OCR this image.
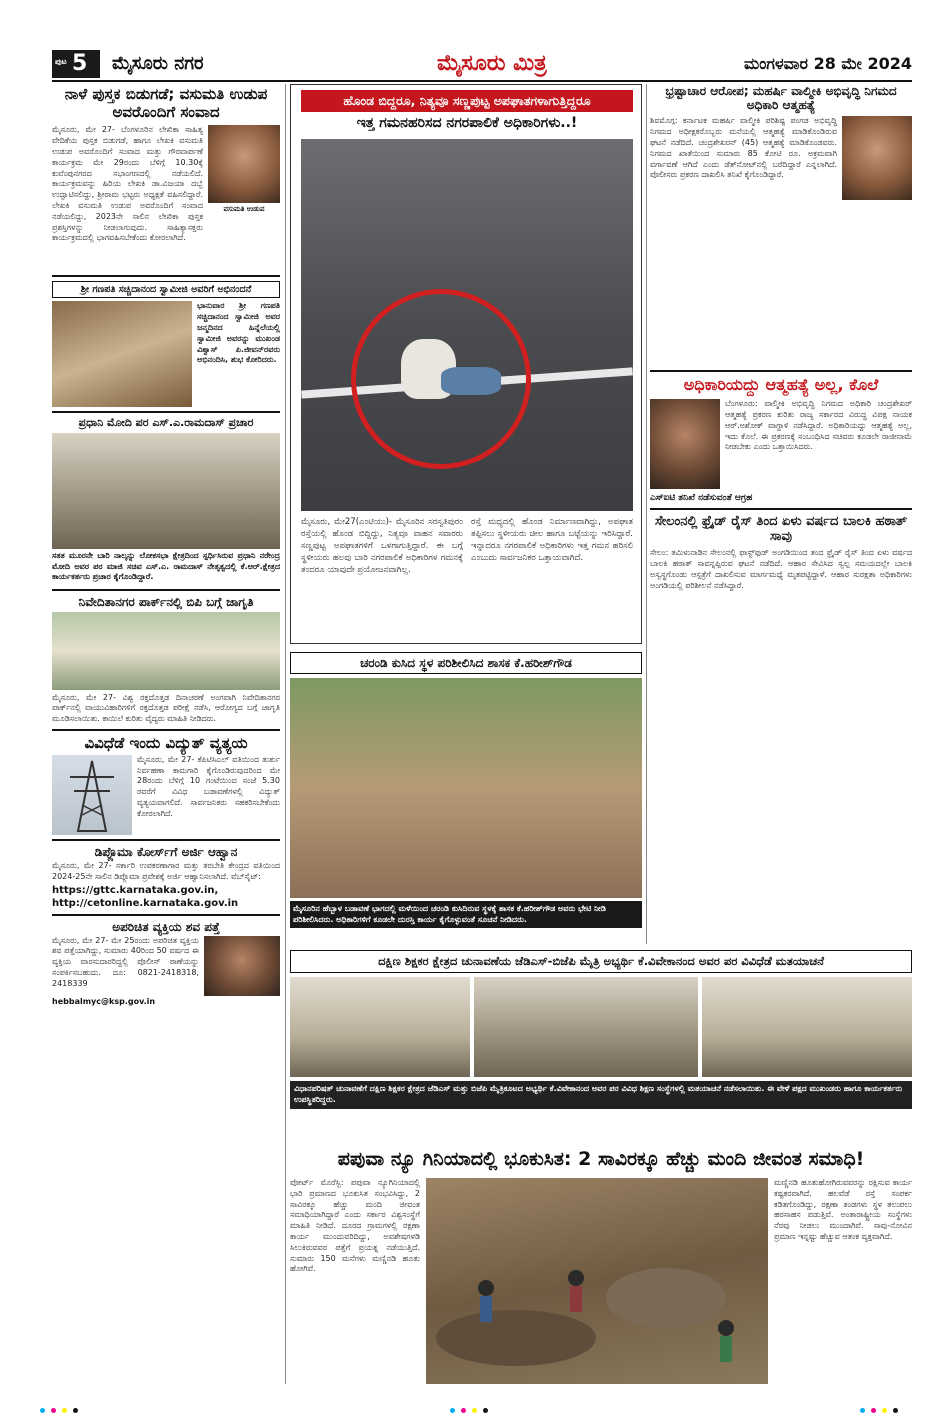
ಪುಟ 5 ಮೈಸೂರು ನಗರ	ಮೈಸೂರು ಮಿತ್ರ	ಮಂಗಳವಾರ 28 ಮೇ 2024
ನಾಳೆ ಪುಸ್ತಕ ಬಿಡುಗಡೆ; ವಸುಮತಿ ಉಡುಪ ಅವರೊಂದಿಗೆ ಸಂವಾದ
ಮೈಸೂರು, ಮೇ 27- ಬೆಂಗಳೂರಿನ ಲೇಖಿಕಾ ಸಾಹಿತ್ಯ ವೇದಿಕೆಯ ಪುಸ್ತಕ ಬಿಡುಗಡೆ, ಹಾಗೂ ಲೇಖಕಿ ವಸುಮತಿ ಉಡುಪ ಅವರೊಂದಿಗೆ ಸಂವಾದ ಮತ್ತು ಗೌರವಾರ್ಪಣೆ ಕಾರ್ಯಕ್ರಮ ಮೇ 29ರಂದು ಬೆಳಿಗ್ಗೆ 10.30ಕ್ಕೆ ಕುವೆಂಪುನಗರದ ಸಭಾಂಗಣದಲ್ಲಿ ನಡೆಯಲಿದೆ. ಕಾರ್ಯಕ್ರಮವನ್ನು ಹಿರಿಯ ಲೇಖಕಿ ಡಾ.ವಿಜಯಾ ದಬ್ಬೆ ಉದ್ಘಾಟಿಸಲಿದ್ದು, ಶ್ರೀರಾಮ ಭಟ್ಟರು ಅಧ್ಯಕ್ಷತೆ ವಹಿಸಲಿದ್ದಾರೆ. ಲೇಖಕಿ ವಸುಮತಿ ಉಡುಪ ಅವರೊಂದಿಗೆ ಸಂವಾದ ನಡೆಯಲಿದ್ದು, 2023ನೇ ಸಾಲಿನ ಲೇಖಿಕಾ ಪುಸ್ತಕ ಪ್ರಶಸ್ತಿಗಳನ್ನು ನೀಡಲಾಗುವುದು. ಸಾಹಿತ್ಯಾಸಕ್ತರು ಕಾರ್ಯಕ್ರಮದಲ್ಲಿ ಭಾಗವಹಿಸಬೇಕೆಂದು ಕೋರಲಾಗಿದೆ.
ವಸುಮತಿ ಉಡುಪ
ಶ್ರೀ ಗಣಪತಿ ಸಚ್ಚಿದಾನಂದ ಸ್ವಾಮೀಜಿ ಅವರಿಗೆ ಅಭಿನಂದನೆ
ಭಾನುವಾರ ಶ್ರೀ ಗಣಪತಿ ಸಚ್ಚಿದಾನಂದ ಸ್ವಾಮೀಜಿ ಅವರ ಜನ್ಮದಿನದ ಹಿನ್ನೆಲೆಯಲ್ಲಿ ಸ್ವಾಮೀಜಿ ಅವರನ್ನು ಮುಖಂಡ ವಿಶ್ವಾಸ್ ಪಿ.ಜೀವನ್‌ರವರು ಅಭಿನಂದಿಸಿ, ಶುಭ ಕೋರಿದರು.
ಪ್ರಧಾನಿ ಮೋದಿ ಪರ ಎಸ್.ಎ.ರಾಮದಾಸ್ ಪ್ರಚಾರ
ಸತತ ಮೂರನೇ ಬಾರಿ ನಾಲ್ಕನ್ನು ಲೋಕಸಭಾ ಕ್ಷೇತ್ರದಿಂದ ಸ್ಪರ್ಧಿಸಿರುವ ಪ್ರಧಾನಿ ನರೇಂದ್ರ ಮೋದಿ ಅವರ ಪರ ಮಾಜಿ ಸಚಿವ ಎಸ್.ಎ. ರಾಮದಾಸ್ ನೇತೃತ್ವದಲ್ಲಿ ಕೆ.ಆರ್.ಕ್ಷೇತ್ರದ ಕಾರ್ಯಕರ್ತರು ಪ್ರಚಾರ ಕೈಗೊಂಡಿದ್ದಾರೆ.
ನಿವೇದಿತಾನಗರ ಪಾರ್ಕ್‌ನಲ್ಲಿ ಬಿಪಿ ಬಗ್ಗೆ ಜಾಗೃತಿ
ಮೈಸೂರು, ಮೇ 27- ವಿಶ್ವ ರಕ್ತದೊತ್ತಡ ದಿನಾಚರಣೆ ಅಂಗವಾಗಿ ನಿವೇದಿತಾನಗರ ಪಾರ್ಕ್‌ನಲ್ಲಿ ವಾಯುವಿಹಾರಿಗಳಿಗೆ ರಕ್ತದೊತ್ತಡ ಪರೀಕ್ಷೆ ನಡೆಸಿ, ಆರೋಗ್ಯದ ಬಗ್ಗೆ ಜಾಗೃತಿ ಮೂಡಿಸಲಾಯಿತು. ಕಾಯಿಲೆ ಕುರಿತು ವೈದ್ಯರು ಮಾಹಿತಿ ನೀಡಿದರು.
ವಿವಿಧೆಡೆ ಇಂದು ವಿದ್ಯುತ್ ವ್ಯತ್ಯಯ
ಮೈಸೂರು, ಮೇ 27- ಕೆಪಿಟಿಸಿಎಲ್ ವತಿಯಿಂದ ತುರ್ತು ನಿರ್ವಹಣಾ ಕಾಮಗಾರಿ ಕೈಗೊಂಡಿರುವುದರಿಂದ ಮೇ 28ರಂದು ಬೆಳಿಗ್ಗೆ 10 ಗಂಟೆಯಿಂದ ಸಂಜೆ 5.30 ರವರೆಗೆ ವಿವಿಧ ಬಡಾವಣೆಗಳಲ್ಲಿ ವಿದ್ಯುತ್ ವ್ಯತ್ಯಯವಾಗಲಿದೆ. ಸಾರ್ವಜನಿಕರು ಸಹಕರಿಸಬೇಕೆಂದು ಕೋರಲಾಗಿದೆ.
ಡಿಪ್ಲೊಮಾ ಕೋರ್ಸ್‌ಗೆ ಅರ್ಜಿ ಆಹ್ವಾನ
ಮೈಸೂರು, ಮೇ 27- ಸರ್ಕಾರಿ ಉಪಕರಣಾಗಾರ ಮತ್ತು ತರಬೇತಿ ಕೇಂದ್ರದ ವತಿಯಿಂದ 2024-25ನೇ ಸಾಲಿನ ಡಿಪ್ಲೊಮಾ ಪ್ರವೇಶಕ್ಕೆ ಅರ್ಜಿ ಆಹ್ವಾನಿಸಲಾಗಿದೆ. ವೆಬ್‌ಸೈಟ್:
https://gttc.karnataka.gov.in, http://cetonline.karnataka.gov.in
ಅಪರಿಚಿತ ವ್ಯಕ್ತಿಯ ಶವ ಪತ್ತೆ
ಮೈಸೂರು, ಮೇ 27- ಮೇ 25ರಂದು ಅಪರಿಚಿತ ವ್ಯಕ್ತಿಯ ಶವ ಪತ್ತೆಯಾಗಿದ್ದು, ಸುಮಾರು 40ರಿಂದ 50 ವರ್ಷದ ಈ ವ್ಯಕ್ತಿಯ ವಾರಸುದಾರರಿದ್ದಲ್ಲಿ ಪೊಲೀಸ್ ಠಾಣೆಯನ್ನು ಸಂಪರ್ಕಿಸಬಹುದು. ದೂ: 0821-2418318, 2418339
hebbalmyc@ksp.gov.in
ಹೊಂಡ ಬಿದ್ದರೂ, ನಿತ್ಯವೂ ಸಣ್ಣಪುಟ್ಟ ಅಪಘಾತಗಳಾಗುತ್ತಿದ್ದರೂ
ಇತ್ತ ಗಮನಹರಿಸದ ನಗರಪಾಲಿಕೆ ಅಧಿಕಾರಿಗಳು..!
ಮೈಸೂರು, ಮೇ27(ಎಂಟಿಯು)- ಮೈಸೂರಿನ ಸರಸ್ವತಿಪುರಂ ರಸ್ತೆಯಲ್ಲಿ ಹೊಂಡ ಬಿದ್ದಿದ್ದು, ನಿತ್ಯವೂ ವಾಹನ ಸವಾರರು ಸಣ್ಣಪುಟ್ಟ ಅಪಘಾತಗಳಿಗೆ ಒಳಗಾಗುತ್ತಿದ್ದಾರೆ. ಈ ಬಗ್ಗೆ ಸ್ಥಳೀಯರು ಹಲವು ಬಾರಿ ನಗರಪಾಲಿಕೆ ಅಧಿಕಾರಿಗಳ ಗಮನಕ್ಕೆ ತಂದರೂ ಯಾವುದೇ ಪ್ರಯೋಜನವಾಗಿಲ್ಲ.
ರಸ್ತೆ ಮಧ್ಯದಲ್ಲಿ ಹೊಂಡ ನಿರ್ಮಾಣವಾಗಿದ್ದು, ಅಪಘಾತ ತಪ್ಪಿಸಲು ಸ್ಥಳೀಯರು ಚೀಲ ಹಾಗೂ ಬಟ್ಟೆಯನ್ನು ಇರಿಸಿದ್ದಾರೆ. ಇನ್ನಾದರೂ ನಗರಪಾಲಿಕೆ ಅಧಿಕಾರಿಗಳು ಇತ್ತ ಗಮನ ಹರಿಸಲಿ ಎಂಬುದು ಸಾರ್ವಜನಿಕರ ಒತ್ತಾಯವಾಗಿದೆ.
ಚರಂಡಿ ಕುಸಿದ ಸ್ಥಳ ಪರಿಶೀಲಿಸಿದ ಶಾಸಕ ಕೆ.ಹರೀಶ್‌ಗೌಡ
ಮೈಸೂರಿನ ಹೆಬ್ಬಾಳ ಬಡಾವಣೆ ಭಾಗದಲ್ಲಿ ಮಳೆಯಿಂದ ಚರಂಡಿ ಕುಸಿದಿರುವ ಸ್ಥಳಕ್ಕೆ ಶಾಸಕ ಕೆ.ಹರೀಶ್‌ಗೌಡ ಅವರು ಭೇಟಿ ನೀಡಿ ಪರಿಶೀಲಿಸಿದರು. ಅಧಿಕಾರಿಗಳಿಗೆ ಕೂಡಲೇ ದುರಸ್ತಿ ಕಾರ್ಯ ಕೈಗೊಳ್ಳುವಂತೆ ಸೂಚನೆ ನೀಡಿದರು.
ಭ್ರಷ್ಟಾಚಾರ ಆರೋಪ; ಮಹರ್ಷಿ ವಾಲ್ಮೀಕಿ ಅಭಿವೃದ್ಧಿ ನಿಗಮದ ಅಧಿಕಾರಿ ಆತ್ಮಹತ್ಯೆ
ಶಿವಮೊಗ್ಗ: ಕರ್ನಾಟಕ ಮಹರ್ಷಿ ವಾಲ್ಮೀಕಿ ಪರಿಶಿಷ್ಟ ಪಂಗಡ ಅಭಿವೃದ್ಧಿ ನಿಗಮದ ಅಧೀಕ್ಷಕರೊಬ್ಬರು ಮನೆಯಲ್ಲಿ ಆತ್ಮಹತ್ಯೆ ಮಾಡಿಕೊಂಡಿರುವ ಘಟನೆ ನಡೆದಿದೆ. ಚಂದ್ರಶೇಖರನ್ (45) ಆತ್ಮಹತ್ಯೆ ಮಾಡಿಕೊಂಡವರು. ನಿಗಮದ ಖಾತೆಯಿಂದ ಸುಮಾರು 85 ಕೋಟಿ ರೂ. ಅಕ್ರಮವಾಗಿ ವರ್ಗಾವಣೆ ಆಗಿದೆ ಎಂದು ಡೆತ್‌ನೋಟ್‌ನಲ್ಲಿ ಬರೆದಿದ್ದಾರೆ ಎನ್ನಲಾಗಿದೆ. ಪೊಲೀಸರು ಪ್ರಕರಣ ದಾಖಲಿಸಿ ತನಿಖೆ ಕೈಗೊಂಡಿದ್ದಾರೆ.
ಅಧಿಕಾರಿಯದ್ದು ಆತ್ಮಹತ್ಯೆ ಅಲ್ಲ, ಕೊಲೆ
ಬೆಂಗಳೂರು: ವಾಲ್ಮೀಕಿ ಅಭಿವೃದ್ಧಿ ನಿಗಮದ ಅಧಿಕಾರಿ ಚಂದ್ರಶೇಖರ್ ಆತ್ಮಹತ್ಯೆ ಪ್ರಕರಣ ಕುರಿತು ರಾಜ್ಯ ಸರ್ಕಾರದ ವಿರುದ್ಧ ವಿಪಕ್ಷ ನಾಯಕ ಆರ್.ಅಶೋಕ್ ವಾಗ್ದಾಳಿ ನಡೆಸಿದ್ದಾರೆ. ಅಧಿಕಾರಿಯದ್ದು ಆತ್ಮಹತ್ಯೆ ಅಲ್ಲ, ಇದು ಕೊಲೆ. ಈ ಪ್ರಕರಣಕ್ಕೆ ಸಂಬಂಧಿಸಿದ ಸಚಿವರು ಕೂಡಲೇ ರಾಜೀನಾಮೆ ನೀಡಬೇಕು ಎಂದು ಒತ್ತಾಯಿಸಿದರು.
ಎಸ್‌ಐಟಿ ತನಿಖೆ ನಡೆಸುವಂತೆ ಆಗ್ರಹ
ಸೇಲಂನಲ್ಲಿ ಫ್ರೈಡ್ ರೈಸ್ ತಿಂದ ಏಳು ವರ್ಷದ ಬಾಲಕಿ ಹಠಾತ್ ಸಾವು
ಸೇಲಂ: ತಮಿಳುನಾಡಿನ ಸೇಲಂನಲ್ಲಿ ಫಾಸ್ಟ್‌ಫುಡ್ ಅಂಗಡಿಯಿಂದ ತಂದ ಫ್ರೈಡ್ ರೈಸ್ ತಿಂದ ಏಳು ವರ್ಷದ ಬಾಲಕಿ ಹಠಾತ್ ಸಾವನ್ನಪ್ಪಿರುವ ಘಟನೆ ನಡೆದಿದೆ. ಆಹಾರ ಸೇವಿಸಿದ ಸ್ವಲ್ಪ ಸಮಯದಲ್ಲೇ ಬಾಲಕಿ ಅಸ್ವಸ್ಥಗೊಂಡು ಆಸ್ಪತ್ರೆಗೆ ದಾಖಲಿಸುವ ಮಾರ್ಗಮಧ್ಯೆ ಮೃತಪಟ್ಟಿದ್ದಾಳೆ. ಆಹಾರ ಸುರಕ್ಷತಾ ಅಧಿಕಾರಿಗಳು ಅಂಗಡಿಯಲ್ಲಿ ಪರಿಶೀಲನೆ ನಡೆಸಿದ್ದಾರೆ.
ದಕ್ಷಿಣ ಶಿಕ್ಷಕರ ಕ್ಷೇತ್ರದ ಚುನಾವಣೆಯ ಜೆಡಿಎಸ್-ಬಿಜೆಪಿ ಮೈತ್ರಿ ಅಭ್ಯರ್ಥಿ ಕೆ.ವಿವೇಕಾನಂದ ಅವರ ಪರ ವಿವಿಧೆಡೆ ಮತಯಾಚನೆ
ವಿಧಾನಪರಿಷತ್ ಚುನಾವಣೆಗೆ ದಕ್ಷಿಣ ಶಿಕ್ಷಕರ ಕ್ಷೇತ್ರದ ಜೆಡಿಎಸ್ ಮತ್ತು ಬಿಜೆಪಿ ಮೈತ್ರಿಕೂಟದ ಅಭ್ಯರ್ಥಿ ಕೆ.ವಿವೇಕಾನಂದ ಅವರ ಪರ ವಿವಿಧ ಶಿಕ್ಷಣ ಸಂಸ್ಥೆಗಳಲ್ಲಿ ಮತಯಾಚನೆ ನಡೆಸಲಾಯಿತು. ಈ ವೇಳೆ ಪಕ್ಷದ ಮುಖಂಡರು ಹಾಗೂ ಕಾರ್ಯಕರ್ತರು ಉಪಸ್ಥಿತರಿದ್ದರು.
ಪಪುವಾ ನ್ಯೂ ಗಿನಿಯಾದಲ್ಲಿ ಭೂಕುಸಿತ: 2 ಸಾವಿರಕ್ಕೂ ಹೆಚ್ಚು ಮಂದಿ ಜೀವಂತ ಸಮಾಧಿ!
ಪೋರ್ಟ್ ಮೊರೆಸ್ಬಿ: ಪಪುವಾ ನ್ಯೂಗಿನಿಯಾದಲ್ಲಿ ಭಾರಿ ಪ್ರಮಾಣದ ಭೂಕುಸಿತ ಸಂಭವಿಸಿದ್ದು, 2 ಸಾವಿರಕ್ಕೂ ಹೆಚ್ಚು ಮಂದಿ ಜೀವಂತ ಸಮಾಧಿಯಾಗಿದ್ದಾರೆ ಎಂದು ಸರ್ಕಾರ ವಿಶ್ವಸಂಸ್ಥೆಗೆ ಮಾಹಿತಿ ನೀಡಿದೆ. ದೂರದ ಗ್ರಾಮಗಳಲ್ಲಿ ರಕ್ಷಣಾ ಕಾರ್ಯ ಮುಂದುವರಿದಿದ್ದು, ಅವಶೇಷಗಳಡಿ ಸಿಲುಕಿರುವವರ ಪತ್ತೆಗೆ ಪ್ರಯತ್ನ ನಡೆಯುತ್ತಿದೆ. ಸುಮಾರು 150 ಮನೆಗಳು ಮಣ್ಣಿನಡಿ ಹೂತು ಹೋಗಿವೆ.
ಮಣ್ಣಿನಡಿ ಹೂತುಹೋಗಿರುವವರನ್ನು ರಕ್ಷಿಸುವ ಕಾರ್ಯ ಕಷ್ಟಕರವಾಗಿದೆ. ಹಲವೆಡೆ ರಸ್ತೆ ಸಂಪರ್ಕ ಕಡಿತಗೊಂಡಿದ್ದು, ರಕ್ಷಣಾ ತಂಡಗಳು ಸ್ಥಳ ತಲುಪಲು ಹರಸಾಹಸ ಪಡುತ್ತಿವೆ. ಅಂತಾರಾಷ್ಟ್ರೀಯ ಸಂಸ್ಥೆಗಳು ನೆರವು ನೀಡಲು ಮುಂದಾಗಿವೆ. ಸಾವು-ನೋವಿನ ಪ್ರಮಾಣ ಇನ್ನಷ್ಟು ಹೆಚ್ಚುವ ಆತಂಕ ವ್ಯಕ್ತವಾಗಿದೆ.
